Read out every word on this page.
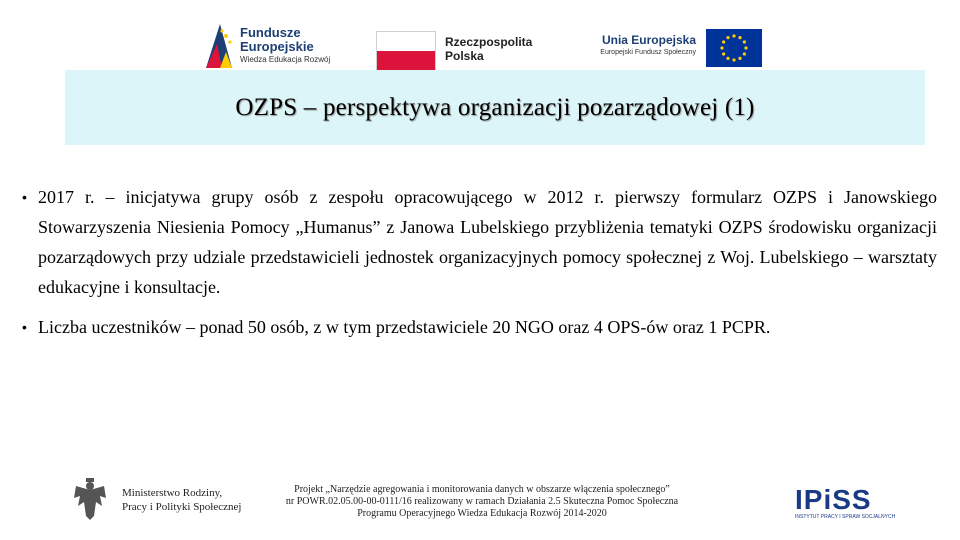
Fundusze
Europejskie
Wiedza Edukacja Rozwój
Rzeczpospolita
Polska
Unia Europejska
Europejski Fundusz Społeczny
OZPS – perspektywa organizacji pozarządowej (1)
• 2017 r. – inicjatywa grupy osób z zespołu opracowującego w 2012 r. pierwszy formularz OZPS i Janowskiego Stowarzyszenia Niesienia Pomocy „Humanus” z Janowa Lubelskiego przybliżenia tematyki OZPS środowisku organizacji pozarządowych przy udziale przedstawicieli jednostek organizacyjnych pomocy społecznej z Woj. Lubelskiego – warsztaty edukacyjne i konsultacje.
• Liczba uczestników – ponad 50 osób, z w tym przedstawiciele 20 NGO oraz 4 OPS-ów oraz 1 PCPR.
Ministerstwo Rodziny,
Pracy i Polityki Społecznej
Projekt „Narzędzie agregowania i monitorowania danych w obszarze włączenia społecznego”
nr POWR.02.05.00-00-0111/16 realizowany w ramach Działania 2.5 Skuteczna Pomoc Społeczna
Programu Operacyjnego Wiedza Edukacja Rozwój 2014-2020	IPiSS
INSTYTUT PRACY I SPRAW SOCJALNYCH
